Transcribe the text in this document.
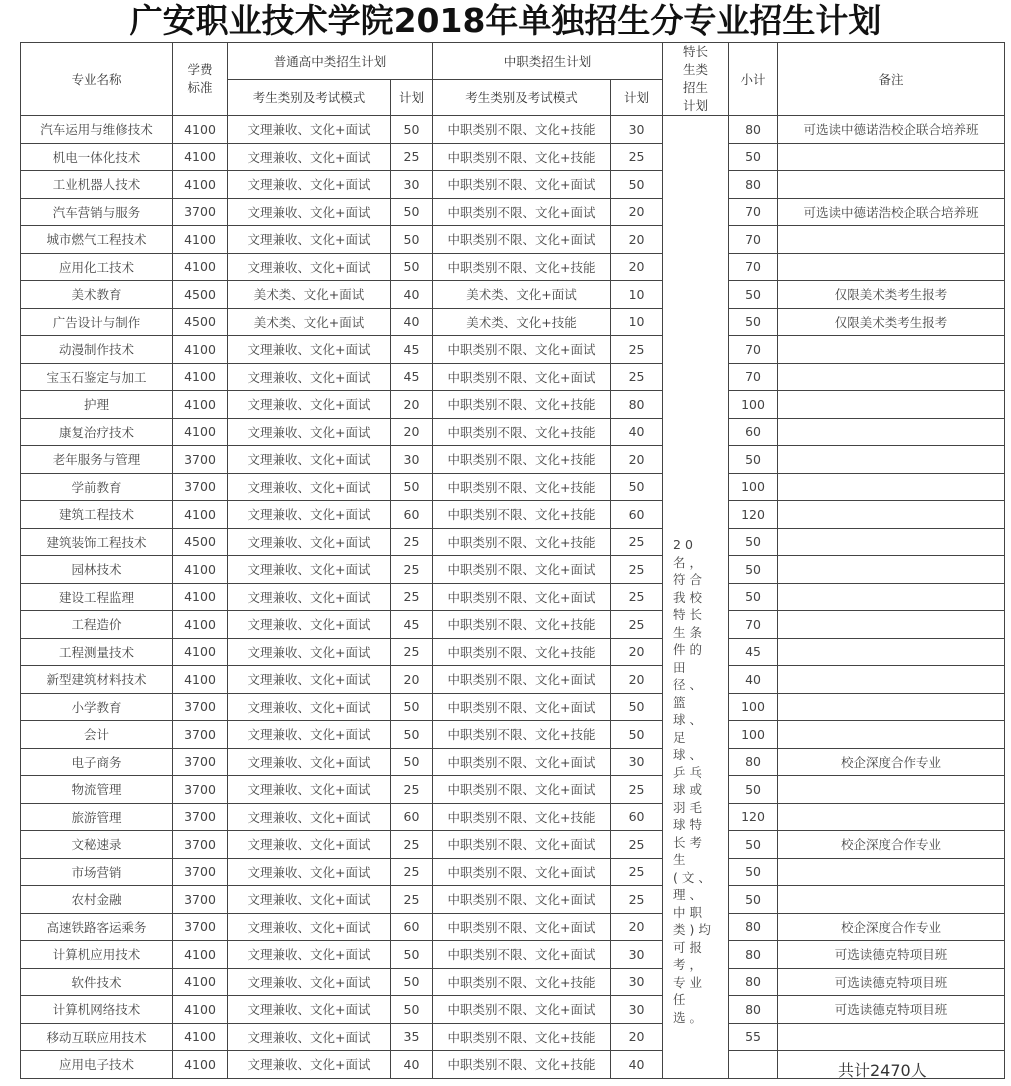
广安职业技术学院2018年单独招生分专业招生计划
专业名称	学费标准	普通高中类招生计划		中职类招生计划		特长生类招生计划	小计	备注
		考生类别及考试模式	计划	考生类别及考试模式	计划			
汽车运用与维修技术	4100	文理兼收、文化+面试	50	中职类别不限、文化+技能	30	20名，符合我校特长生条件的田径、篮球、足球、乒乓球或羽毛球特长考生(文、理、中职类)均可报考，专业任选。	80	可选读中德诺浩校企联合培养班
机电一体化技术	4100	文理兼收、文化+面试	25	中职类别不限、文化+技能	25		50	
工业机器人技术	4100	文理兼收、文化+面试	30	中职类别不限、文化+面试	50		80	
汽车营销与服务	3700	文理兼收、文化+面试	50	中职类别不限、文化+面试	20		70	可选读中德诺浩校企联合培养班
城市燃气工程技术	4100	文理兼收、文化+面试	50	中职类别不限、文化+面试	20		70	
应用化工技术	4100	文理兼收、文化+面试	50	中职类别不限、文化+技能	20		70	
美术教育	4500	美术类、文化+面试	40	美术类、文化+面试	10		50	仅限美术类考生报考
广告设计与制作	4500	美术类、文化+面试	40	美术类、文化+技能	10		50	仅限美术类考生报考
动漫制作技术	4100	文理兼收、文化+面试	45	中职类别不限、文化+面试	25		70	
宝玉石鉴定与加工	4100	文理兼收、文化+面试	45	中职类别不限、文化+面试	25		70	
护理	4100	文理兼收、文化+面试	20	中职类别不限、文化+技能	80		100	
康复治疗技术	4100	文理兼收、文化+面试	20	中职类别不限、文化+技能	40		60	
老年服务与管理	3700	文理兼收、文化+面试	30	中职类别不限、文化+技能	20		50	
学前教育	3700	文理兼收、文化+面试	50	中职类别不限、文化+技能	50		100	
建筑工程技术	4100	文理兼收、文化+面试	60	中职类别不限、文化+技能	60		120	
建筑装饰工程技术	4500	文理兼收、文化+面试	25	中职类别不限、文化+技能	25		50	
园林技术	4100	文理兼收、文化+面试	25	中职类别不限、文化+面试	25		50	
建设工程监理	4100	文理兼收、文化+面试	25	中职类别不限、文化+面试	25		50	
工程造价	4100	文理兼收、文化+面试	45	中职类别不限、文化+技能	25		70	
工程测量技术	4100	文理兼收、文化+面试	25	中职类别不限、文化+技能	20		45	
新型建筑材料技术	4100	文理兼收、文化+面试	20	中职类别不限、文化+面试	20		40	
小学教育	3700	文理兼收、文化+面试	50	中职类别不限、文化+面试	50		100	
会计	3700	文理兼收、文化+面试	50	中职类别不限、文化+技能	50		100	
电子商务	3700	文理兼收、文化+面试	50	中职类别不限、文化+面试	30		80	校企深度合作专业
物流管理	3700	文理兼收、文化+面试	25	中职类别不限、文化+面试	25		50	
旅游管理	3700	文理兼收、文化+面试	60	中职类别不限、文化+技能	60		120	
文秘速录	3700	文理兼收、文化+面试	25	中职类别不限、文化+面试	25		50	校企深度合作专业
市场营销	3700	文理兼收、文化+面试	25	中职类别不限、文化+面试	25		50	
农村金融	3700	文理兼收、文化+面试	25	中职类别不限、文化+面试	25		50	
高速铁路客运乘务	3700	文理兼收、文化+面试	60	中职类别不限、文化+面试	20		80	校企深度合作专业
计算机应用技术	4100	文理兼收、文化+面试	50	中职类别不限、文化+面试	30		80	可选读德克特项目班
软件技术	4100	文理兼收、文化+面试	50	中职类别不限、文化+技能	30		80	可选读德克特项目班
计算机网络技术	4100	文理兼收、文化+面试	50	中职类别不限、文化+面试	30		80	可选读德克特项目班
移动互联应用技术	4100	文理兼收、文化+面试	35	中职类别不限、文化+技能	20		55	
应用电子技术	4100	文理兼收、文化+面试	40	中职类别不限、文化+技能	40				共计2470人
